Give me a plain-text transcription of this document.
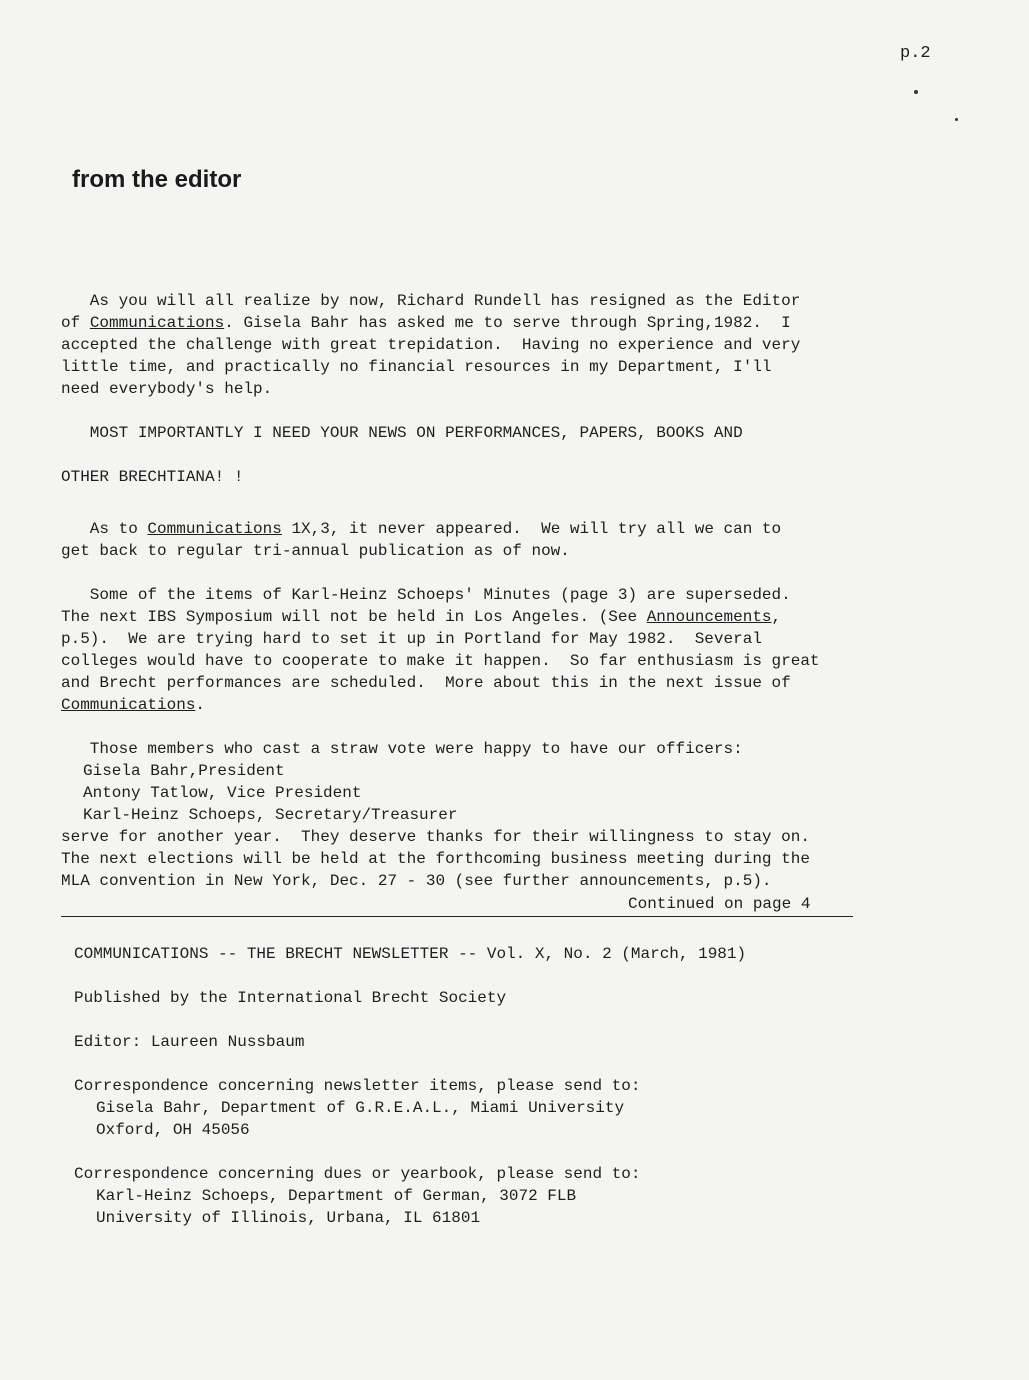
p.2
from the editor

As you will all realize by now, Richard Rundell has resigned as the Editor

of Communications. Gisela Bahr has asked me to serve through Spring,1982.  I

accepted the challenge with great trepidation.  Having no experience and very

little time, and practically no financial resources in my Department, I'll

need everybody's help.

MOST IMPORTANTLY I NEED YOUR NEWS ON PERFORMANCES, PAPERS, BOOKS AND

OTHER BRECHTIANA! !

As to Communications 1X,3, it never appeared.  We will try all we can to

get back to regular tri-annual publication as of now.

Some of the items of Karl-Heinz Schoeps' Minutes (page 3) are superseded.

The next IBS Symposium will not be held in Los Angeles. (See Announcements,

p.5).  We are trying hard to set it up in Portland for May 1982.  Several

colleges would have to cooperate to make it happen.  So far enthusiasm is great

and Brecht performances are scheduled.  More about this in the next issue of

Communications.

Those members who cast a straw vote were happy to have our officers:

Gisela Bahr,President

Antony Tatlow, Vice President

Karl-Heinz Schoeps, Secretary/Treasurer

serve for another year.  They deserve thanks for their willingness to stay on.

The next elections will be held at the forthcoming business meeting during the

MLA convention in New York, Dec. 27 - 30 (see further announcements, p.5).

Continued on page 4

COMMUNICATIONS -- THE BRECHT NEWSLETTER -- Vol. X, No. 2 (March, 1981)

Published by the International Brecht Society

Editor: Laureen Nussbaum

Correspondence concerning newsletter items, please send to:

Gisela Bahr, Department of G.R.E.A.L., Miami University

Oxford, OH 45056

Correspondence concerning dues or yearbook, please send to:

Karl-Heinz Schoeps, Department of German, 3072 FLB

University of Illinois, Urbana, IL 61801
